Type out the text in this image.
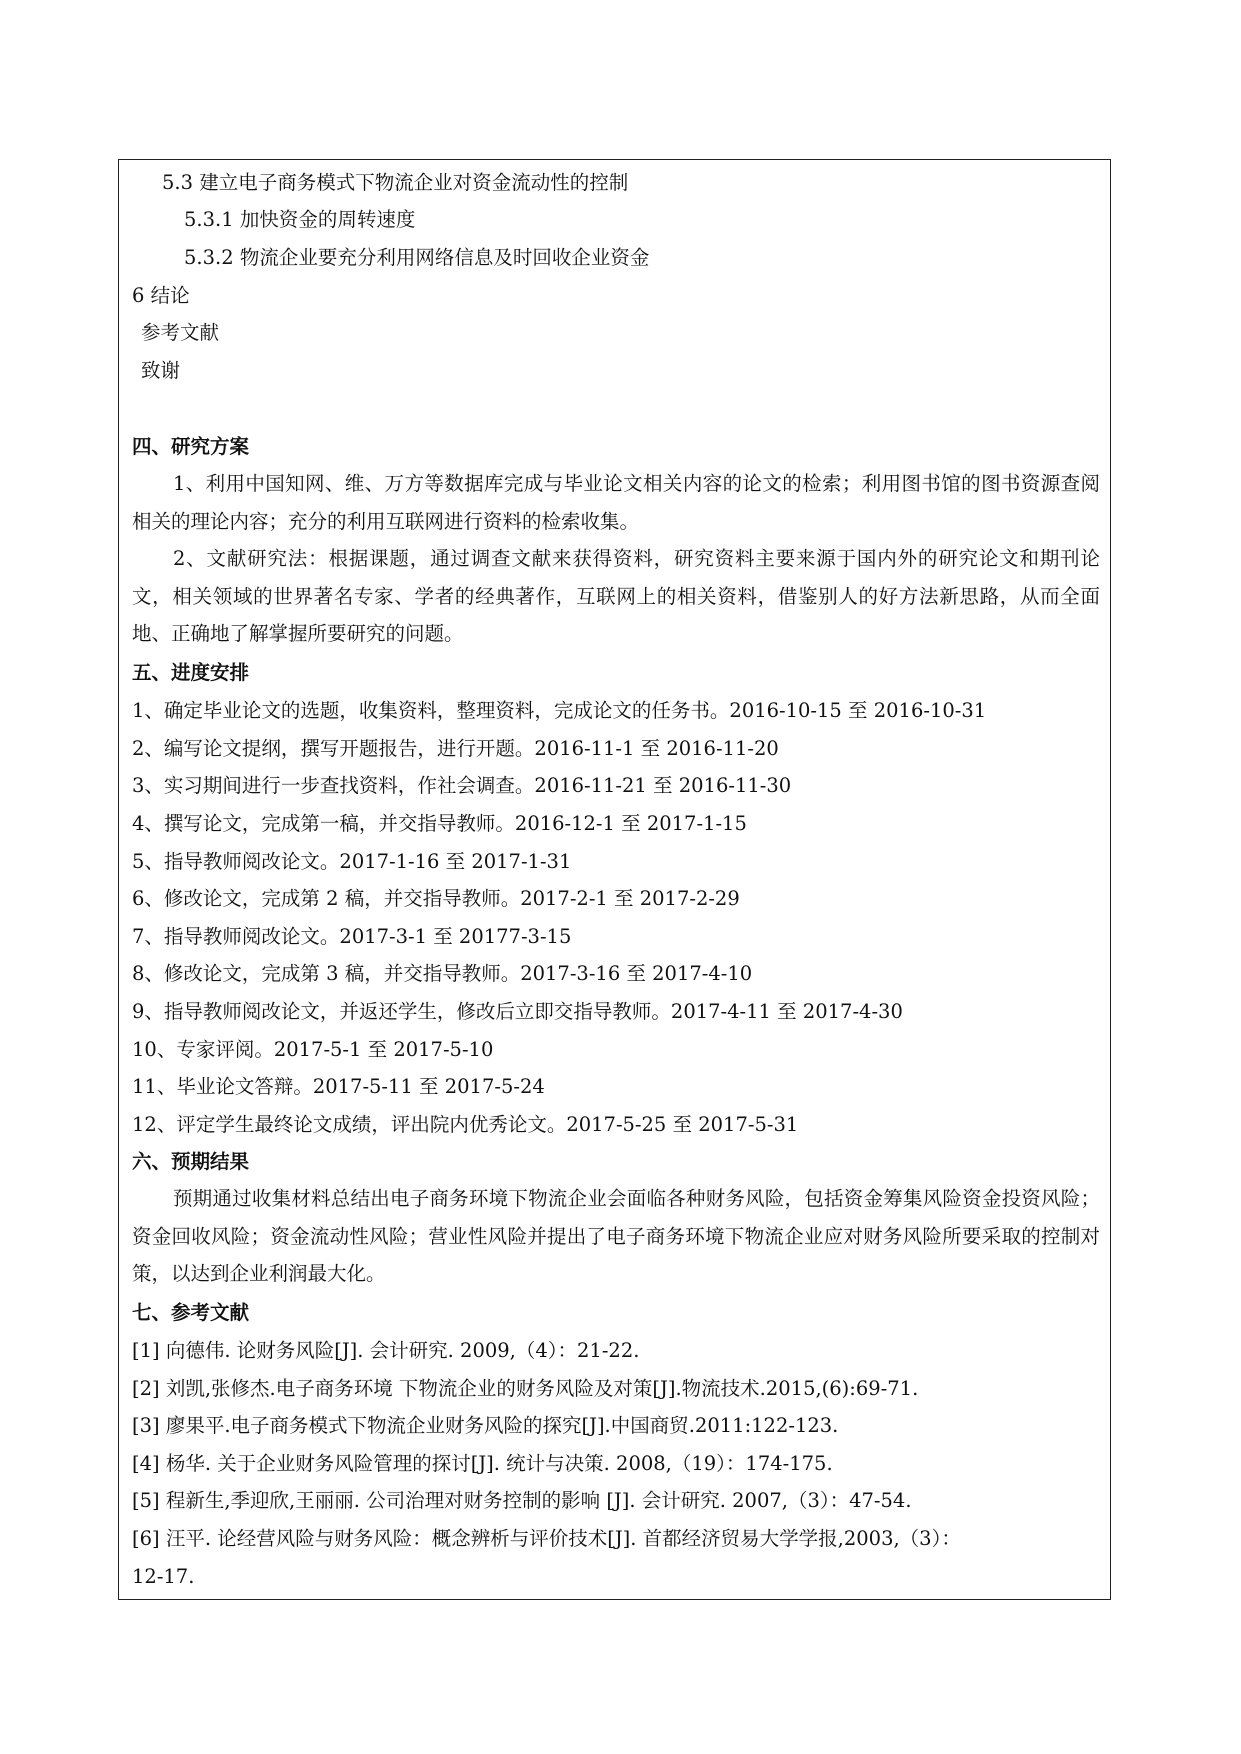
5.3 建立电子商务模式下物流企业对资金流动性的控制
5.3.1 加快资金的周转速度
5.3.2 物流企业要充分利用网络信息及时回收企业资金
6 结论
参考文献
致谢
四、研究方案
1、利用中国知网、维、万方等数据库完成与毕业论文相关内容的论文的检索；利用图书馆的图书资源查阅相关的理论内容；充分的利用互联网进行资料的检索收集。
2、文献研究法：根据课题，通过调查文献来获得资料，研究资料主要来源于国内外的研究论文和期刊论文，相关领域的世界著名专家、学者的经典著作，互联网上的相关资料，借鉴别人的好方法新思路，从而全面地、正确地了解掌握所要研究的问题。
五、进度安排
1、确定毕业论文的选题，收集资料，整理资料，完成论文的任务书。2016-10-15 至 2016-10-31
2、编写论文提纲，撰写开题报告，进行开题。2016-11-1 至 2016-11-20
3、实习期间进行一步查找资料，作社会调查。2016-11-21 至 2016-11-30
4、撰写论文，完成第一稿，并交指导教师。2016-12-1 至 2017-1-15
5、指导教师阅改论文。2017-1-16 至 2017-1-31
6、修改论文，完成第 2 稿，并交指导教师。2017-2-1 至 2017-2-29
7、指导教师阅改论文。2017-3-1 至 20177-3-15
8、修改论文，完成第 3 稿，并交指导教师。2017-3-16 至 2017-4-10
9、指导教师阅改论文，并返还学生，修改后立即交指导教师。2017-4-11 至 2017-4-30
10、专家评阅。2017-5-1 至 2017-5-10
11、毕业论文答辩。2017-5-11 至 2017-5-24
12、评定学生最终论文成绩，评出院内优秀论文。2017-5-25 至 2017-5-31
六、预期结果
预期通过收集材料总结出电子商务环境下物流企业会面临各种财务风险，包括资金筹集风险资金投资风险；资金回收风险；资金流动性风险；营业性风险并提出了电子商务环境下物流企业应对财务风险所要采取的控制对策，以达到企业利润最大化。
七、参考文献
[1] 向德伟. 论财务风险[J]. 会计研究. 2009,（4）：21-22.
[2] 刘凯,张修杰.电子商务环境 下物流企业的财务风险及对策[J].物流技术.2015,(6):69-71.
[3] 廖果平.电子商务模式下物流企业财务风险的探究[J].中国商贸.2011:122-123.
[4] 杨华. 关于企业财务风险管理的探讨[J]. 统计与决策. 2008,（19）：174-175.
[5] 程新生,季迎欣,王丽丽. 公司治理对财务控制的影响 [J]. 会计研究. 2007,（3）：47-54.
[6] 汪平. 论经营风险与财务风险：概念辨析与评价技术[J]. 首都经济贸易大学学报,2003,（3）：
12-17.
